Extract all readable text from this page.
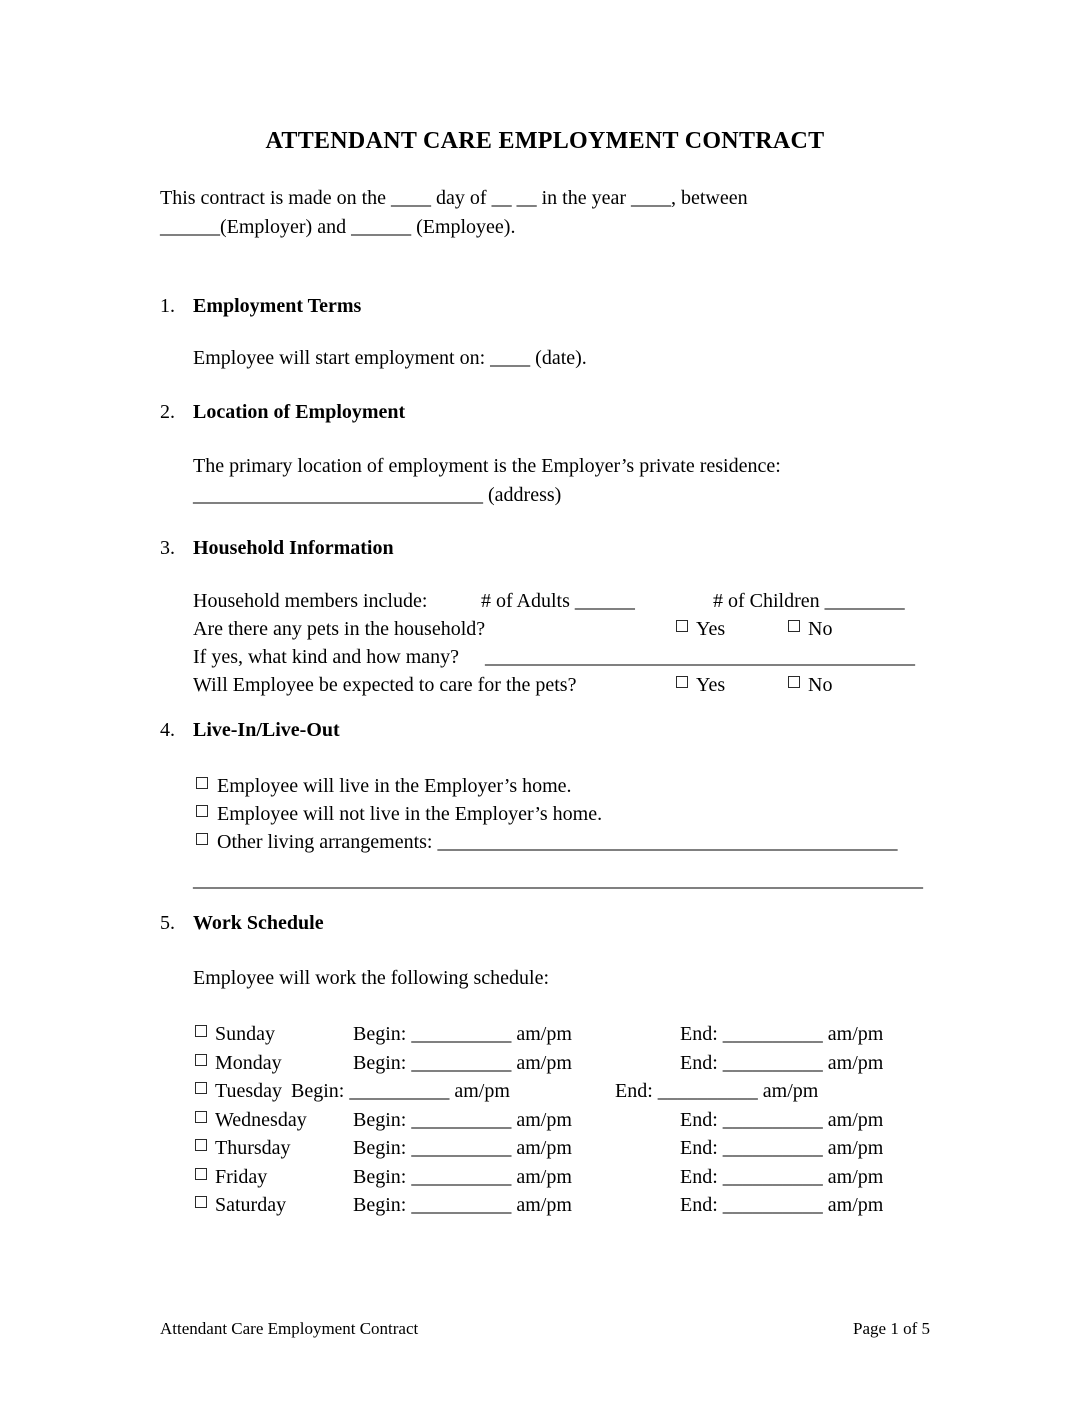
ATTENDANT CARE EMPLOYMENT CONTRACT
This contract is made on the ____ day of __ __ in the year ____, between
______(Employer) and ______ (Employee).
1. Employment Terms
Employee will start employment on: ____ (date).
2. Location of Employment
The primary location of employment is the Employer’s private residence:
_____________________________ (address)
3. Household Information
Household members include:	# of Adults ______	# of Children ________
Are there any pets in the household?	Yes	No
If yes, what kind and how many? ___________________________________________
Will Employee be expected to care for the pets?	Yes	No
4. Live-In/Live-Out
Employee will live in the Employer’s home.
Employee will not live in the Employer’s home.
Other living arrangements: ______________________________________________
_________________________________________________________________________
5. Work Schedule
Employee will work the following schedule:
Sunday	Begin: __________ am/pm	End: __________ am/pm
Monday	Begin: __________ am/pm	End: __________ am/pm
Tuesday Begin: __________ am/pm	End: __________ am/pm
Wednesday Begin: __________ am/pm	End: __________ am/pm
Thursday	Begin: __________ am/pm	End: __________ am/pm
Friday	Begin: __________ am/pm	End: __________ am/pm
Saturday	Begin: __________ am/pm	End: __________ am/pm
Attendant Care Employment Contract	Page 1 of 5
